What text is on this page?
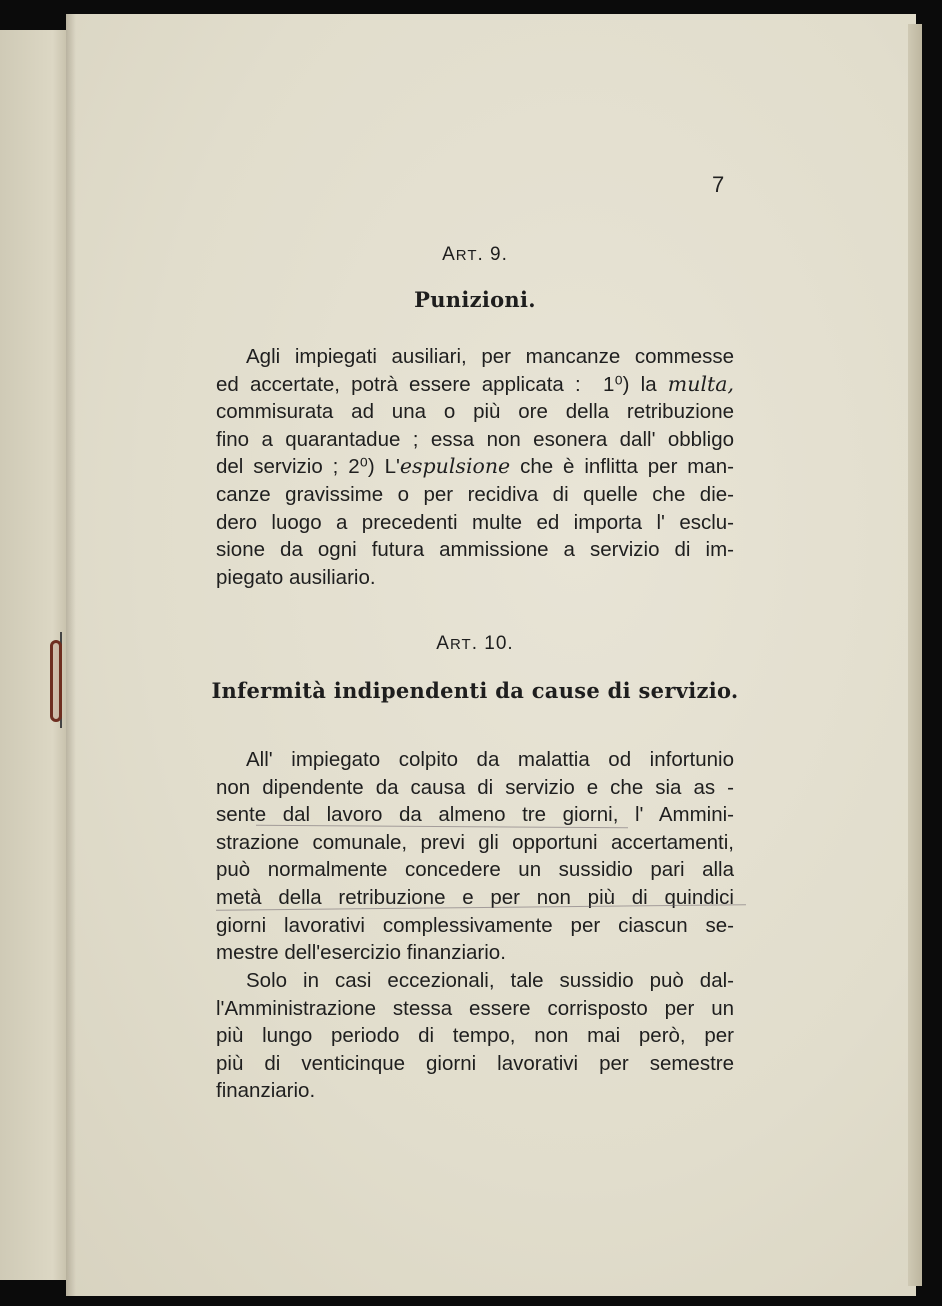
7
ART. 9.
Punizioni.
Agli impiegati ausiliari, per mancanze commesse
ed accertate, potrà essere applicata : 1⁰) la multa,
commisurata ad una o più ore della retribuzione
fino a quarantadue ; essa non esonera dall' obbligo
del servizio ; 2⁰) L'espulsione che è inflitta per man-
canze gravissime o per recidiva di quelle che die-
dero luogo a precedenti multe ed importa l' esclu-
sione da ogni futura ammissione a servizio di im-
piegato ausiliario.
ART. 10.
Infermità indipendenti da cause di servizio.
All' impiegato colpito da malattia od infortunio
non dipendente da causa di servizio e che sia as -
sente dal lavoro da almeno tre giorni, l' Ammini-
strazione comunale, previ gli opportuni accertamenti,
può normalmente concedere un sussidio pari alla
metà della retribuzione e per non più di quindici
giorni lavorativi complessivamente per ciascun se-
mestre dell'esercizio finanziario.
Solo in casi eccezionali, tale sussidio può dal-
l'Amministrazione stessa essere corrisposto per un
più lungo periodo di tempo, non mai però, per
più di venticinque giorni lavorativi per semestre
finanziario.
